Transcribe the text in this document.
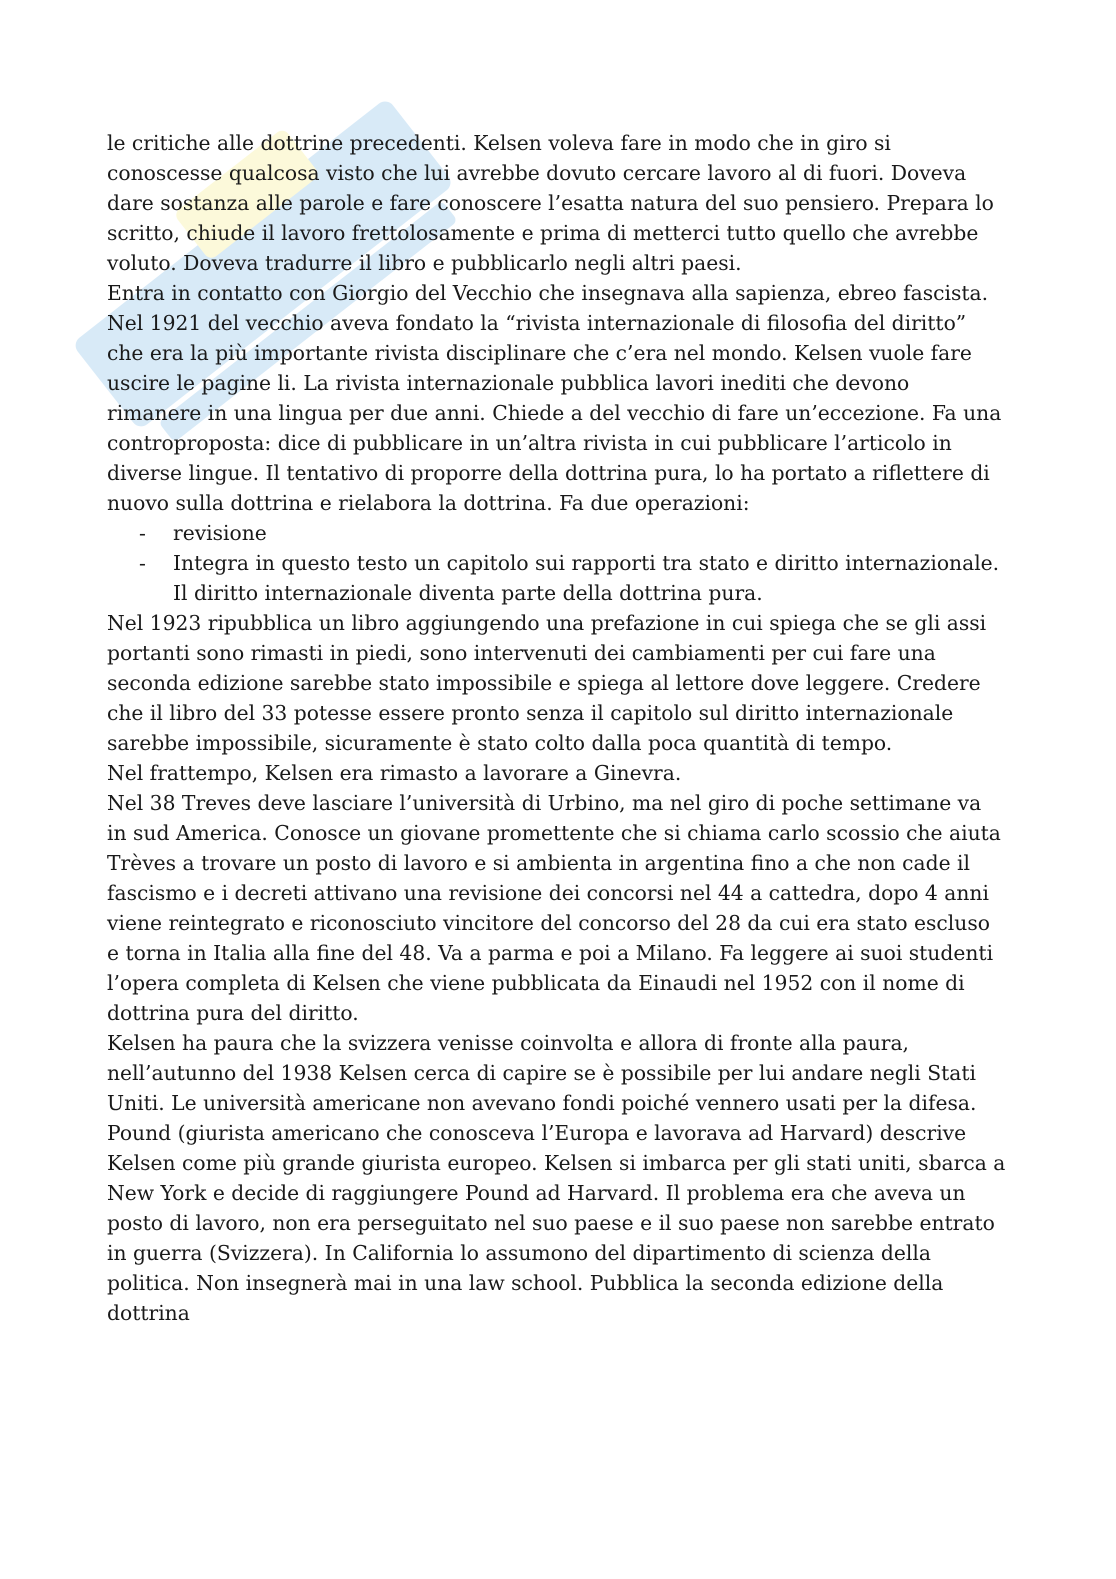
le critiche alle dottrine precedenti. Kelsen voleva fare in modo che in giro si conoscesse qualcosa visto che lui avrebbe dovuto cercare lavoro al di fuori. Doveva dare sostanza alle parole e fare conoscere l’esatta natura del suo pensiero. Prepara lo scritto, chiude il lavoro frettolosamente e prima di metterci tutto quello che avrebbe voluto. Doveva tradurre il libro e pubblicarlo negli altri paesi.

Entra in contatto con Giorgio del Vecchio che insegnava alla sapienza, ebreo fascista. Nel 1921 del vecchio aveva fondato la “rivista internazionale di filosofia del diritto” che era la più importante rivista disciplinare che c’era nel mondo. Kelsen vuole fare uscire le pagine li. La rivista internazionale pubblica lavori inediti che devono rimanere in una lingua per due anni. Chiede a del vecchio di fare un’eccezione. Fa una controproposta: dice di pubblicare in un’altra rivista in cui pubblicare l’articolo in diverse lingue. Il tentativo di proporre della dottrina pura, lo ha portato a riflettere di nuovo sulla dottrina e rielabora la dottrina. Fa due operazioni:

- revisione
- Integra in questo testo un capitolo sui rapporti tra stato e diritto internazionale. Il diritto internazionale diventa parte della dottrina pura.

Nel 1923 ripubblica un libro aggiungendo una prefazione in cui spiega che se gli assi portanti sono rimasti in piedi, sono intervenuti dei cambiamenti per cui fare una seconda edizione sarebbe stato impossibile e spiega al lettore dove leggere. Credere che il libro del 33 potesse essere pronto senza il capitolo sul diritto internazionale sarebbe impossibile, sicuramente è stato colto dalla poca quantità di tempo.

Nel frattempo, Kelsen era rimasto a lavorare a Ginevra.

Nel 38 Treves deve lasciare l’università di Urbino, ma nel giro di poche settimane va in sud America. Conosce un giovane promettente che si chiama carlo scossio che aiuta Trèves a trovare un posto di lavoro e si ambienta in argentina fino a che non cade il fascismo e i decreti attivano una revisione dei concorsi nel 44 a cattedra, dopo 4 anni viene reintegrato e riconosciuto vincitore del concorso del 28 da cui era stato escluso e torna in Italia alla fine del 48. Va a parma e poi a Milano. Fa leggere ai suoi studenti l’opera completa di Kelsen che viene pubblicata da Einaudi nel 1952 con il nome di dottrina pura del diritto.

Kelsen ha paura che la svizzera venisse coinvolta e allora di fronte alla paura, nell’autunno del 1938 Kelsen cerca di capire se è possibile per lui andare negli Stati Uniti. Le università americane non avevano fondi poiché vennero usati per la difesa. Pound (giurista americano che conosceva l’Europa e lavorava ad Harvard) descrive Kelsen come più grande giurista europeo. Kelsen si imbarca per gli stati uniti, sbarca a New York e decide di raggiungere Pound ad Harvard. Il problema era che aveva un posto di lavoro, non era perseguitato nel suo paese e il suo paese non sarebbe entrato in guerra (Svizzera). In California lo assumono del dipartimento di scienza della politica. Non insegnerà mai in una law school. Pubblica la seconda edizione della dottrina
